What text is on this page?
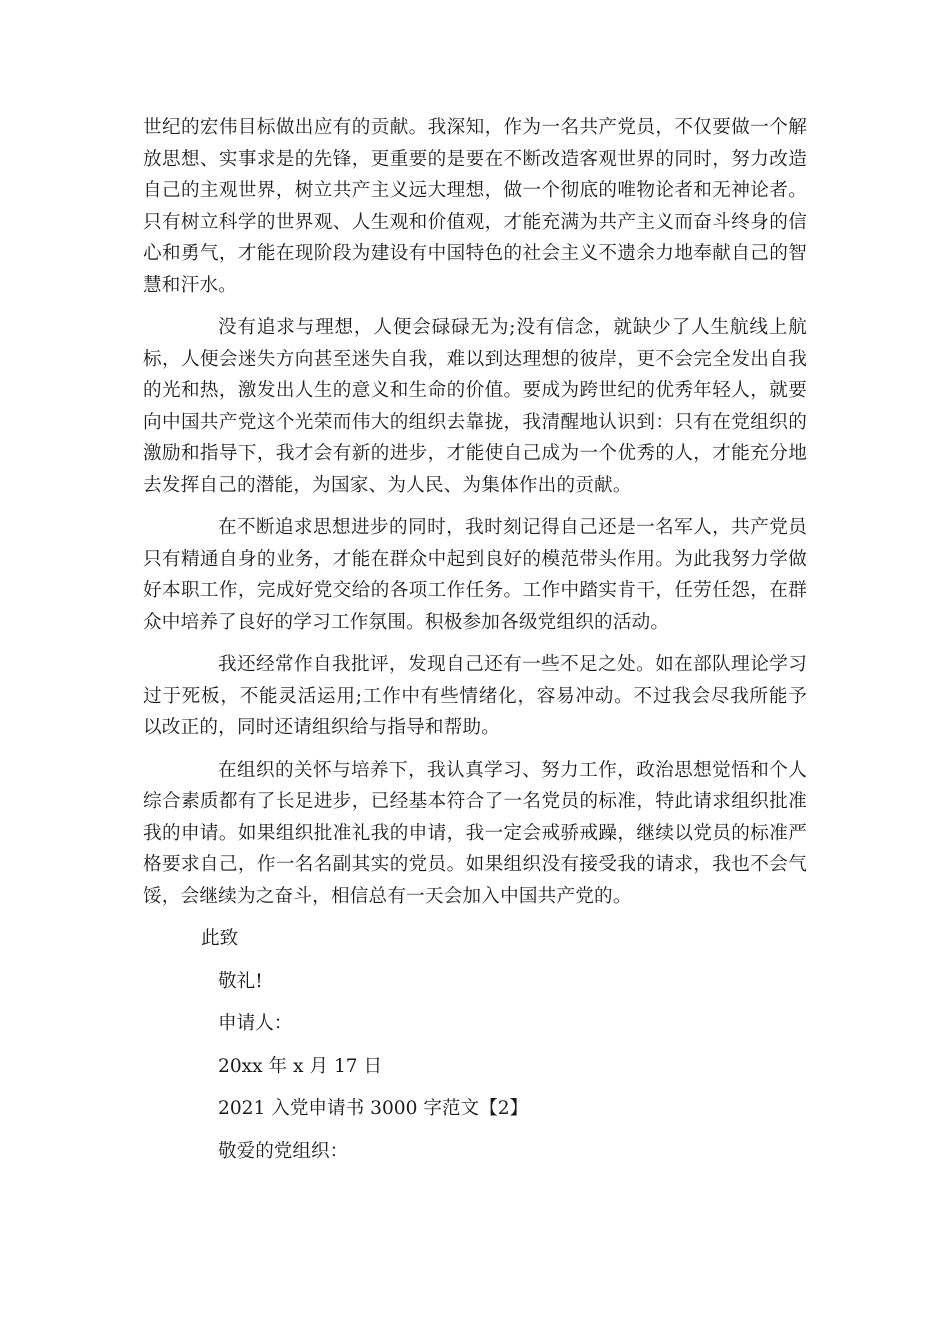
世纪的宏伟目标做出应有的贡献。我深知，作为一名共产党员，不仅要做一个解放思想、实事求是的先锋，更重要的是要在不断改造客观世界的同时，努力改造自己的主观世界，树立共产主义远大理想，做一个彻底的唯物论者和无神论者。只有树立科学的世界观、人生观和价值观，才能充满为共产主义而奋斗终身的信心和勇气，才能在现阶段为建设有中国特色的社会主义不遗余力地奉献自己的智慧和汗水。

没有追求与理想，人便会碌碌无为;没有信念，就缺少了人生航线上航标，人便会迷失方向甚至迷失自我，难以到达理想的彼岸，更不会完全发出自我的光和热，激发出人生的意义和生命的价值。要成为跨世纪的优秀年轻人，就要向中国共产党这个光荣而伟大的组织去靠拢，我清醒地认识到：只有在党组织的激励和指导下，我才会有新的进步，才能使自己成为一个优秀的人，才能充分地去发挥自己的潜能，为国家、为人民、为集体作出的贡献。

在不断追求思想进步的同时，我时刻记得自己还是一名军人，共产党员只有精通自身的业务，才能在群众中起到良好的模范带头作用。为此我努力学做好本职工作，完成好党交给的各项工作任务。工作中踏实肯干，任劳任怨，在群众中培养了良好的学习工作氛围。积极参加各级党组织的活动。

我还经常作自我批评，发现自己还有一些不足之处。如在部队理论学习过于死板，不能灵活运用;工作中有些情绪化，容易冲动。不过我会尽我所能予以改正的，同时还请组织给与指导和帮助。

在组织的关怀与培养下，我认真学习、努力工作，政治思想觉悟和个人综合素质都有了长足进步，已经基本符合了一名党员的标准，特此请求组织批准我的申请。如果组织批准礼我的申请，我一定会戒骄戒躁，继续以党员的标准严格要求自己，作一名名副其实的党员。如果组织没有接受我的请求，我也不会气馁，会继续为之奋斗，相信总有一天会加入中国共产党的。

此致
敬礼!
申请人：
20xx 年 x 月 17 日
2021 入党申请书 3000 字范文【2】
敬爱的党组织：
